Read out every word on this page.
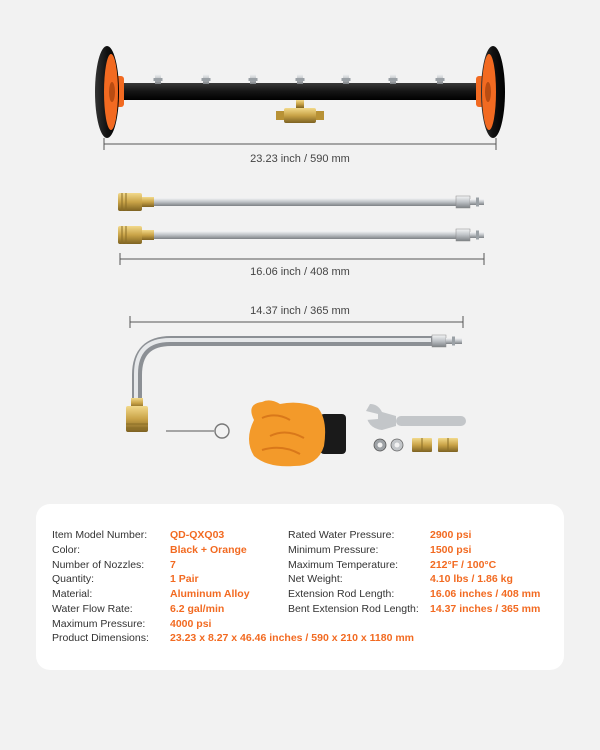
23.23 inch / 590 mm
16.06 inch / 408 mm
14.37 inch / 365 mm
Item Model Number: QD-QXQ03
Color:	Black + Orange
Number of Nozzles: 7
Quantity:	1 Pair
Material:	Aluminum Alloy
Water Flow Rate:	6.2 gal/min
Maximum Pressure: 4000 psi
Rated Water Pressure:	2900 psi
Minimum Pressure:	1500 psi
Maximum Temperature:	212°F / 100°C
Net Weight:	4.10 lbs / 1.86 kg
Extension Rod Length:	16.06 inches / 408 mm
Bent Extension Rod Length: 14.37 inches / 365 mm
Product Dimensions: 23.23 x 8.27 x 46.46 inches / 590 x 210 x 1180 mm
